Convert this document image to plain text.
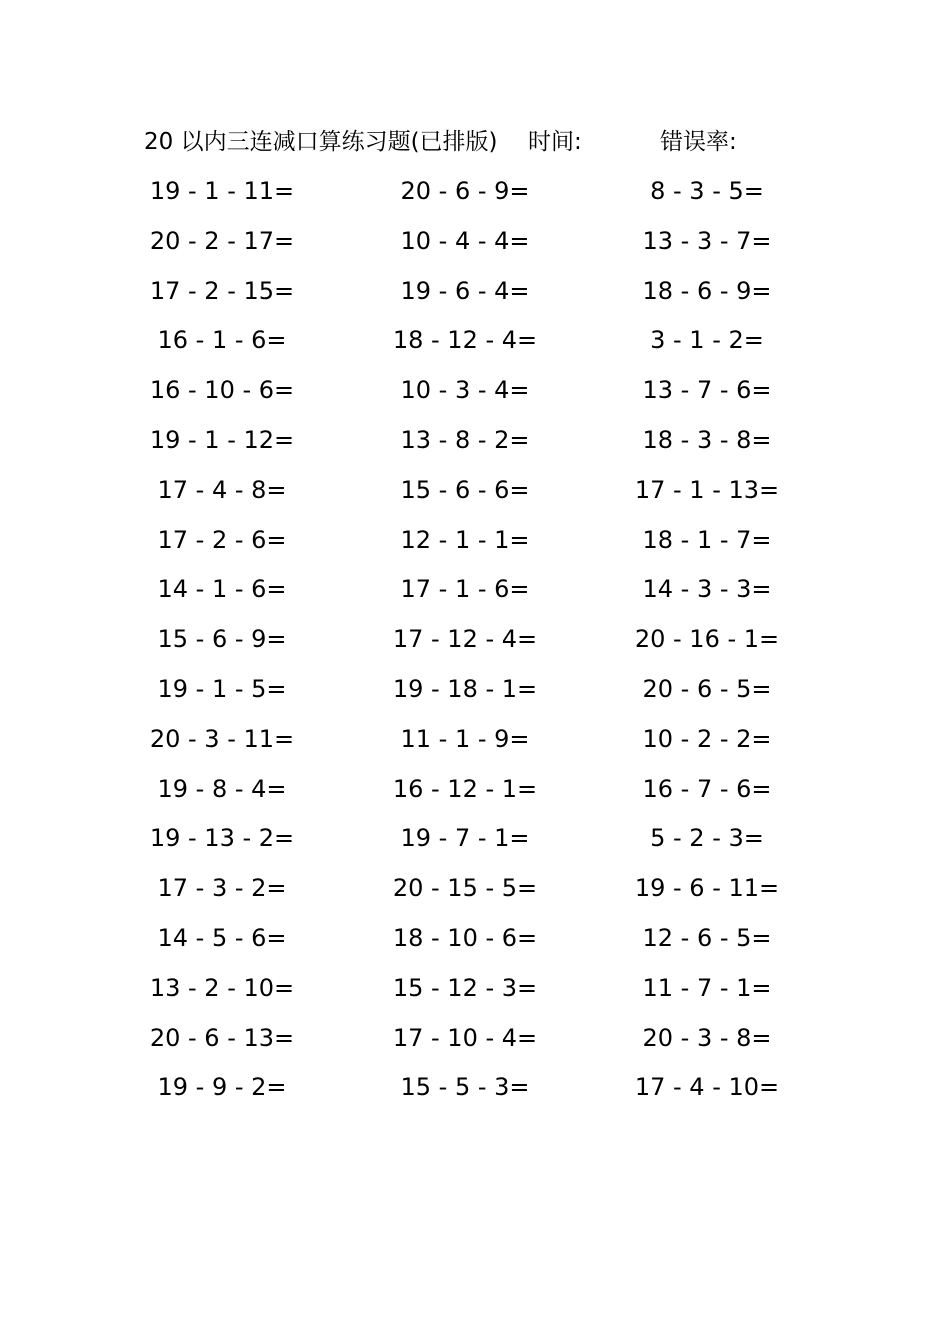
20 以内三连减口算练习题(已排版) 时间:	错误率:
19 - 1 - 11=	20 - 6 - 9=	8 - 3 - 5=
20 - 2 - 17=	10 - 4 - 4=	13 - 3 - 7=
17 - 2 - 15=	19 - 6 - 4=	18 - 6 - 9=
16 - 1 - 6=	18 - 12 - 4=	3 - 1 - 2=
16 - 10 - 6=	10 - 3 - 4=	13 - 7 - 6=
19 - 1 - 12=	13 - 8 - 2=	18 - 3 - 8=
17 - 4 - 8=	15 - 6 - 6=	17 - 1 - 13=
17 - 2 - 6=	12 - 1 - 1=	18 - 1 - 7=
14 - 1 - 6=	17 - 1 - 6=	14 - 3 - 3=
15 - 6 - 9=	17 - 12 - 4=	20 - 16 - 1=
19 - 1 - 5=	19 - 18 - 1=	20 - 6 - 5=
20 - 3 - 11=	11 - 1 - 9=	10 - 2 - 2=
19 - 8 - 4=	16 - 12 - 1=	16 - 7 - 6=
19 - 13 - 2=	19 - 7 - 1=	5 - 2 - 3=
17 - 3 - 2=	20 - 15 - 5=	19 - 6 - 11=
14 - 5 - 6=	18 - 10 - 6=	12 - 6 - 5=
13 - 2 - 10=	15 - 12 - 3=	11 - 7 - 1=
20 - 6 - 13=	17 - 10 - 4=	20 - 3 - 8=
19 - 9 - 2=	15 - 5 - 3=	17 - 4 - 10=
